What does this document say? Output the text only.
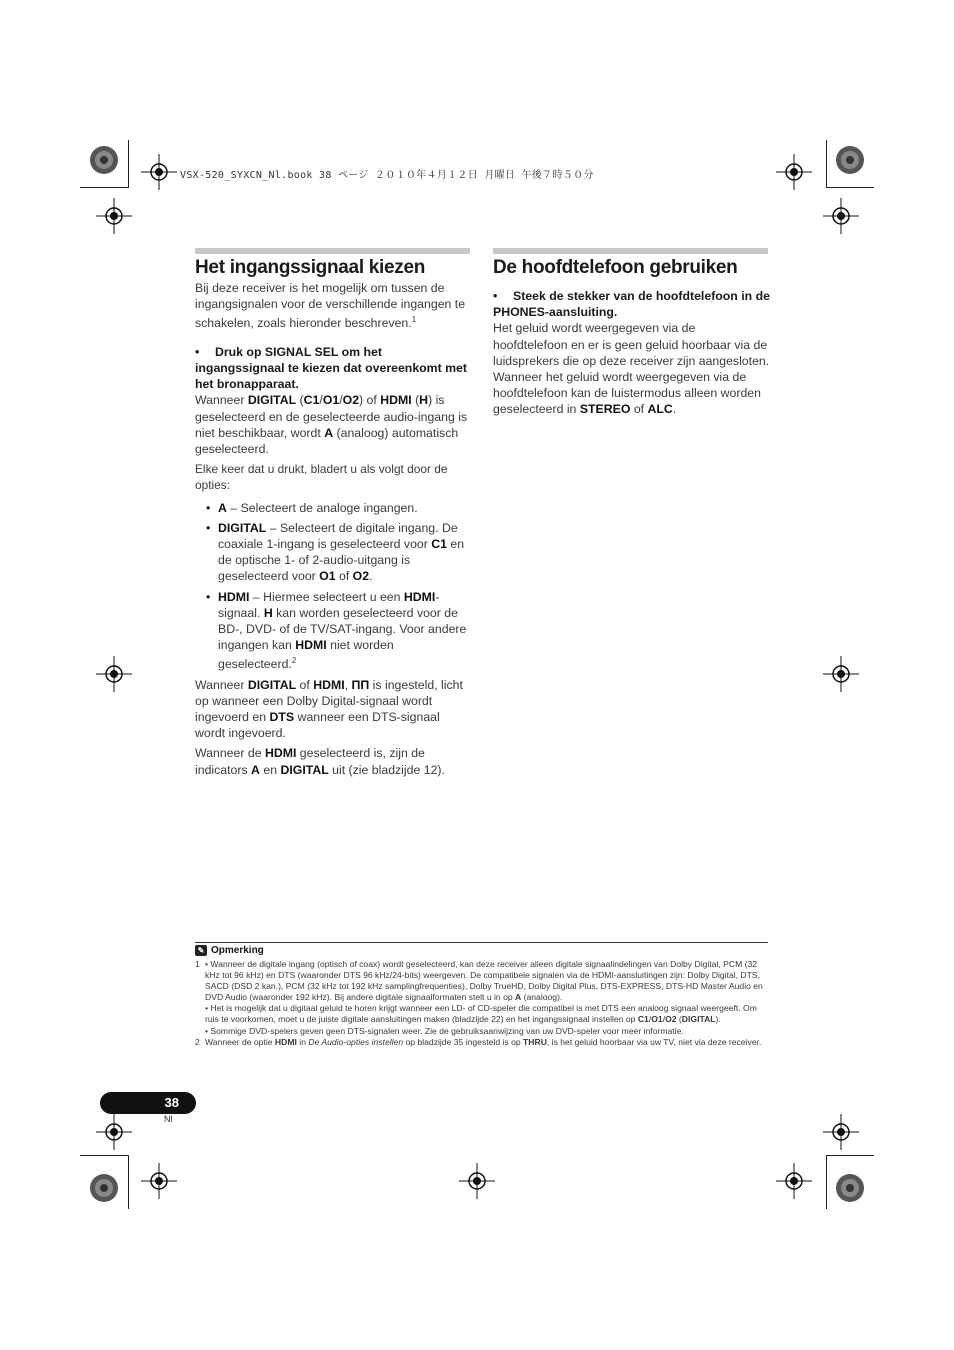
VSX-520_SYXCN_Nl.book 38 ページ ２０１０年４月１２日 月曜日 午後７時５０分
Het ingangssignaal kiezen

Bij deze receiver is het mogelijk om tussen de ingangsignalen voor de verschillende ingangen te schakelen, zoals hieronder beschreven.$^1$

• Druk op SIGNAL SEL om het ingangssignaal te kiezen dat overeenkomt met het bronapparaat.

Wanneer DIGITAL (C1/O1/O2) of HDMI (H) is geselecteerd en de geselecteerde audio-ingang is niet beschikbaar, wordt A (analoog) automatisch geselecteerd.

Elke keer dat u drukt, bladert u als volgt door de opties:

• A – Selecteert de analoge ingangen.
• DIGITAL – Selecteert de digitale ingang. De coaxiale 1-ingang is geselecteerd voor C1 en de optische 1- of 2-audio-uitgang is geselecteerd voor O1 of O2.
• HDMI – Hiermee selecteert u een HDMI-signaal. H kan worden geselecteerd voor de BD-, DVD- of de TV/SAT-ingang. Voor andere ingangen kan HDMI niet worden geselecteerd.$^2$

Wanneer DIGITAL of HDMI, ΠΠ is ingesteld, licht op wanneer een Dolby Digital-signaal wordt ingevoerd en DTS wanneer een DTS-signaal wordt ingevoerd.

Wanneer de HDMI geselecteerd is, zijn de indicators A en DIGITAL uit (zie bladzijde 12).

De hoofdtelefoon gebruiken

• Steek de stekker van de hoofdtelefoon in de PHONES-aansluiting.

Het geluid wordt weergegeven via de hoofdtelefoon en er is geen geluid hoorbaar via de luidsprekers die op deze receiver zijn aangesloten. Wanneer het geluid wordt weergegeven via de hoofdtelefoon kan de luistermodus alleen worden geselecteerd in STEREO of ALC.

✎ Opmerking
1 • Wanneer de digitale ingang (optisch of coax) wordt geselecteerd, kan deze receiver alleen digitale signaalindelingen van Dolby Digital, PCM (32 kHz tot 96 kHz) en DTS (waaronder DTS 96 kHz/24-bits) weergeven. De compatibele signalen via de HDMI-aansluitingen zijn: Dolby Digital, DTS, SACD (DSD 2 kan.), PCM (32 kHz tot 192 kHz samplingfrequenties), Dolby TrueHD, Dolby Digital Plus, DTS-EXPRESS, DTS-HD Master Audio en DVD Audio (waaronder 192 kHz). Bij andere digitale signaalformaten stelt u in op A (analoog).

• Het is mogelijk dat u digitaal geluid te horen krijgt wanneer een LD- of CD-speler die compatibel is met DTS een analoog signaal weergeeft. Om ruis te voorkomen, moet u de juiste digitale aansluitingen maken (bladzijde 22) en het ingangssignaal instellen op C1/O1/O2 (DIGITAL).

• Sommige DVD-spelers geven geen DTS-signalen weer. Zie de gebruiksaanwijzing van uw DVD-speler voor meer informatie.

2 Wanneer de optie HDMI in De Audio-opties instellen op bladzijde 35 ingesteld is op THRU, is het geluid hoorbaar via uw TV, niet via deze receiver.

38
Nl
